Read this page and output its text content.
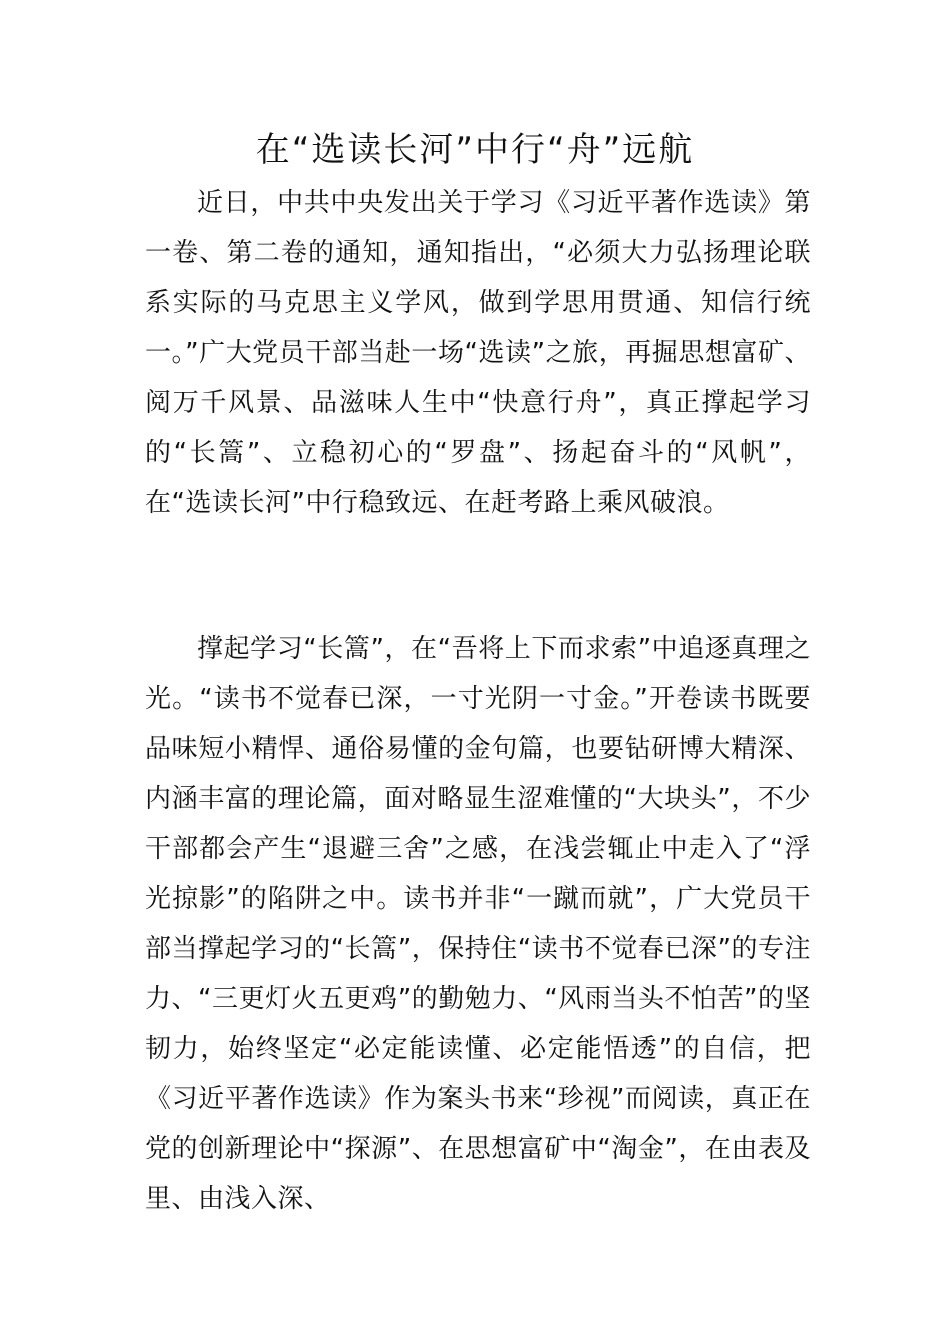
在“选读长河”中行“舟”远航

近日，中共中央发出关于学习《习近平著作选读》第一卷、第二卷的通知，通知指出，“必须大力弘扬理论联系实际的马克思主义学风，做到学思用贯通、知信行统一。”广大党员干部当赴一场“选读”之旅，再掘思想富矿、阅万千风景、品滋味人生中“快意行舟”，真正撑起学习的“长篙”、立稳初心的“罗盘”、扬起奋斗的“风帆”，在“选读长河”中行稳致远、在赶考路上乘风破浪。

撑起学习“长篙”，在“吾将上下而求索”中追逐真理之光。“读书不觉春已深，一寸光阴一寸金。”开卷读书既要品味短小精悍、通俗易懂的金句篇，也要钻研博大精深、内涵丰富的理论篇，面对略显生涩难懂的“大块头”，不少干部都会产生“退避三舍”之感，在浅尝辄止中走入了“浮光掠影”的陷阱之中。读书并非“一蹴而就”，广大党员干部当撑起学习的“长篙”，保持住“读书不觉春已深”的专注力、“三更灯火五更鸡”的勤勉力、“风雨当头不怕苦”的坚韧力，始终坚定“必定能读懂、必定能悟透”的自信，把《习近平著作选读》作为案头书来“珍视”而阅读，真正在党的创新理论中“探源”、在思想富矿中“淘金”，在由表及里、由浅入深、
